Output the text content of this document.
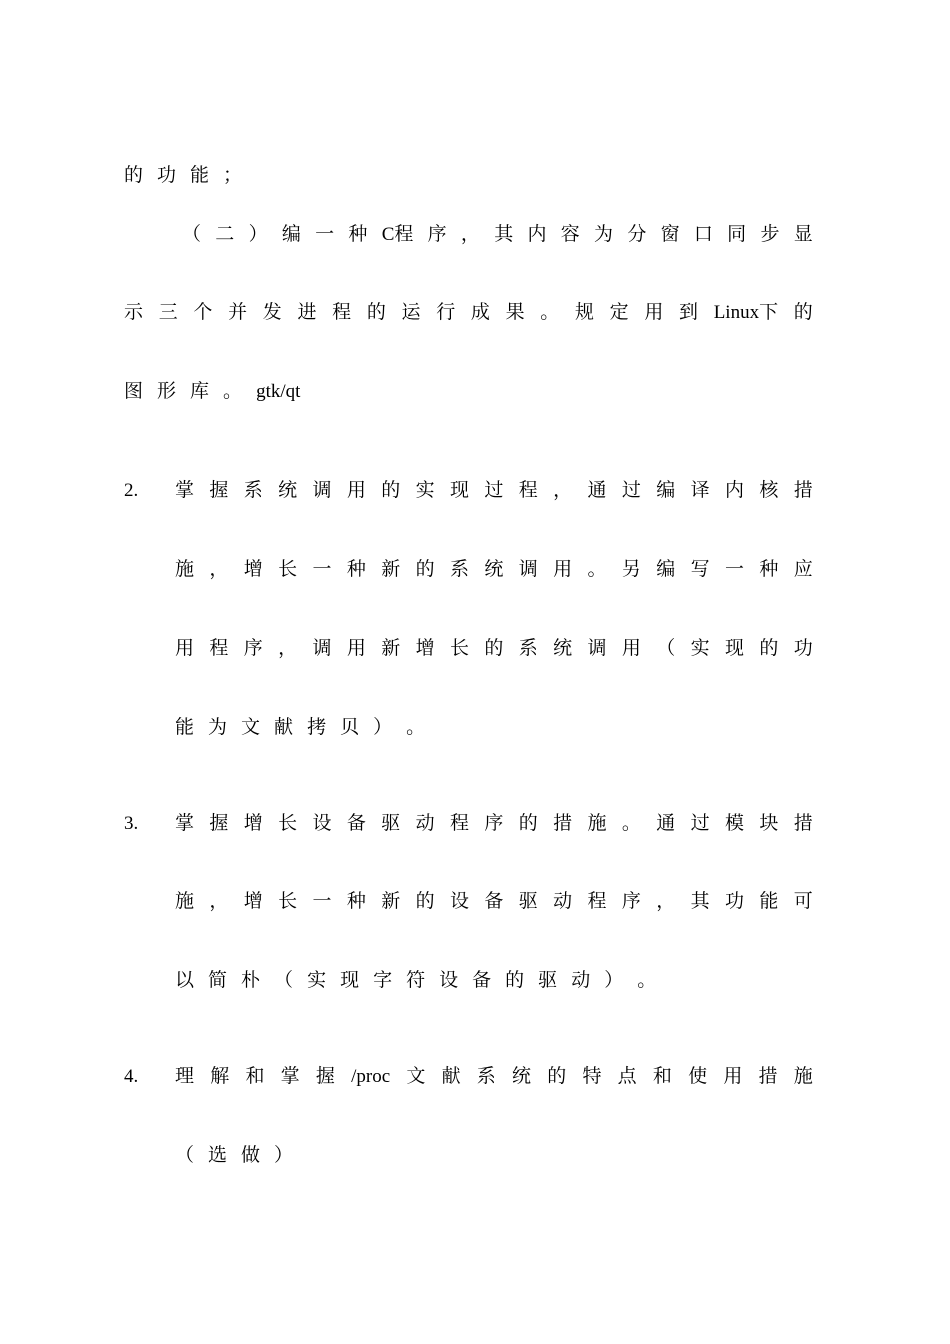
的 功 能 ；
（ 二 ） 编 一 种 C程 序 ， 其 内 容 为 分 窗 口 同 步 显
示 三 个 并 发 进 程 的 运 行 成 果 。 规 定 用 到 Linux下 的
图 形 库 。 gtk/qt
2. 掌 握 系 统 调 用 的 实 现 过 程 ， 通 过 编 译 内 核 措
施 ， 增 长 一 种 新 的 系 统 调 用 。 另 编 写 一 种 应
用 程 序 ， 调 用 新 增 长 的 系 统 调 用 （ 实 现 的 功
能 为 文 献 拷 贝 ） 。
3. 掌 握 增 长 设 备 驱 动 程 序 的 措 施 。 通 过 模 块 措
施 ， 增 长 一 种 新 的 设 备 驱 动 程 序 ， 其 功 能 可
以 简 朴 （ 实 现 字 符 设 备 的 驱 动 ） 。
4. 理 解 和 掌 握 /proc 文 献 系 统 的 特 点 和 使 用 措 施
（ 选 做 ）
